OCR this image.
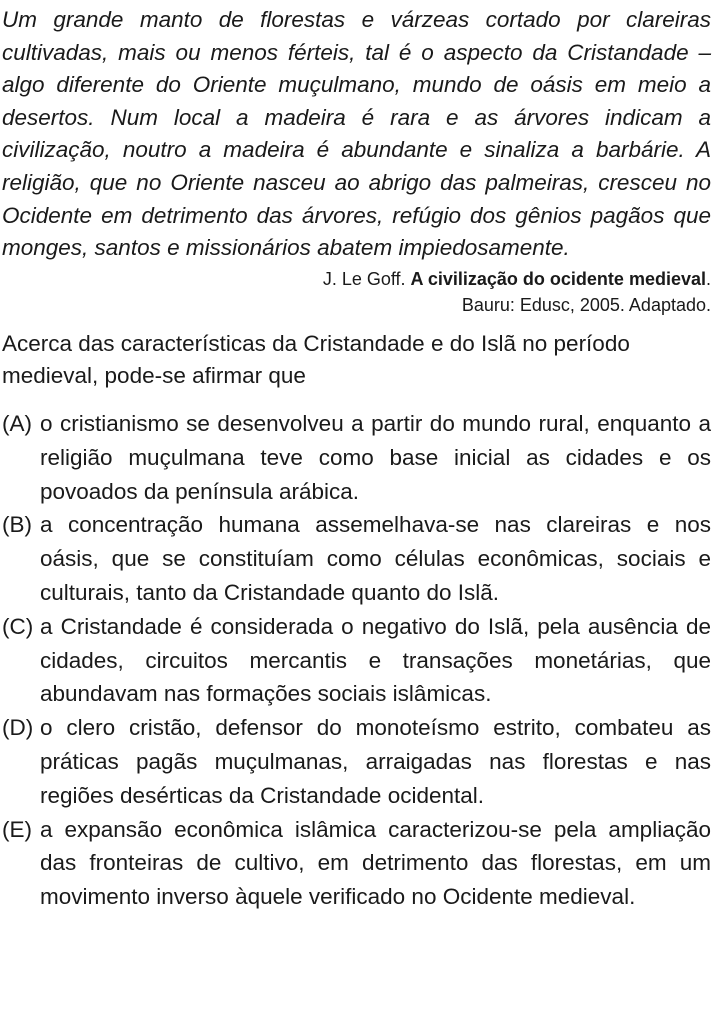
Um grande manto de florestas e várzeas cortado por clareiras cultivadas, mais ou menos férteis, tal é o aspecto da Cristandade – algo diferente do Oriente muçulmano, mundo de oásis em meio a desertos. Num local a madeira é rara e as árvores indicam a civilização, noutro a madeira é abundante e sinaliza a barbárie. A religião, que no Oriente nasceu ao abrigo das palmeiras, cresceu no Ocidente em detrimento das árvores, refúgio dos gênios pagãos que monges, santos e missionários abatem impiedosamente.

J. Le Goff. A civilização do ocidente medieval.
Bauru: Edusc, 2005. Adaptado.

Acerca das características da Cristandade e do Islã no período medieval, pode-se afirmar que

(A) o cristianismo se desenvolveu a partir do mundo rural, enquanto a religião muçulmana teve como base inicial as cidades e os povoados da península arábica.
(B) a concentração humana assemelhava-se nas clareiras e nos oásis, que se constituíam como células econômicas, sociais e culturais, tanto da Cristandade quanto do Islã.
(C) a Cristandade é considerada o negativo do Islã, pela ausência de cidades, circuitos mercantis e transações monetárias, que abundavam nas formações sociais islâmicas.
(D) o clero cristão, defensor do monoteísmo estrito, combateu as práticas pagãs muçulmanas, arraigadas nas florestas e nas regiões desérticas da Cristandade ocidental.
(E) a expansão econômica islâmica caracterizou-se pela ampliação das fronteiras de cultivo, em detrimento das florestas, em um movimento inverso àquele verificado no Ocidente medieval.
